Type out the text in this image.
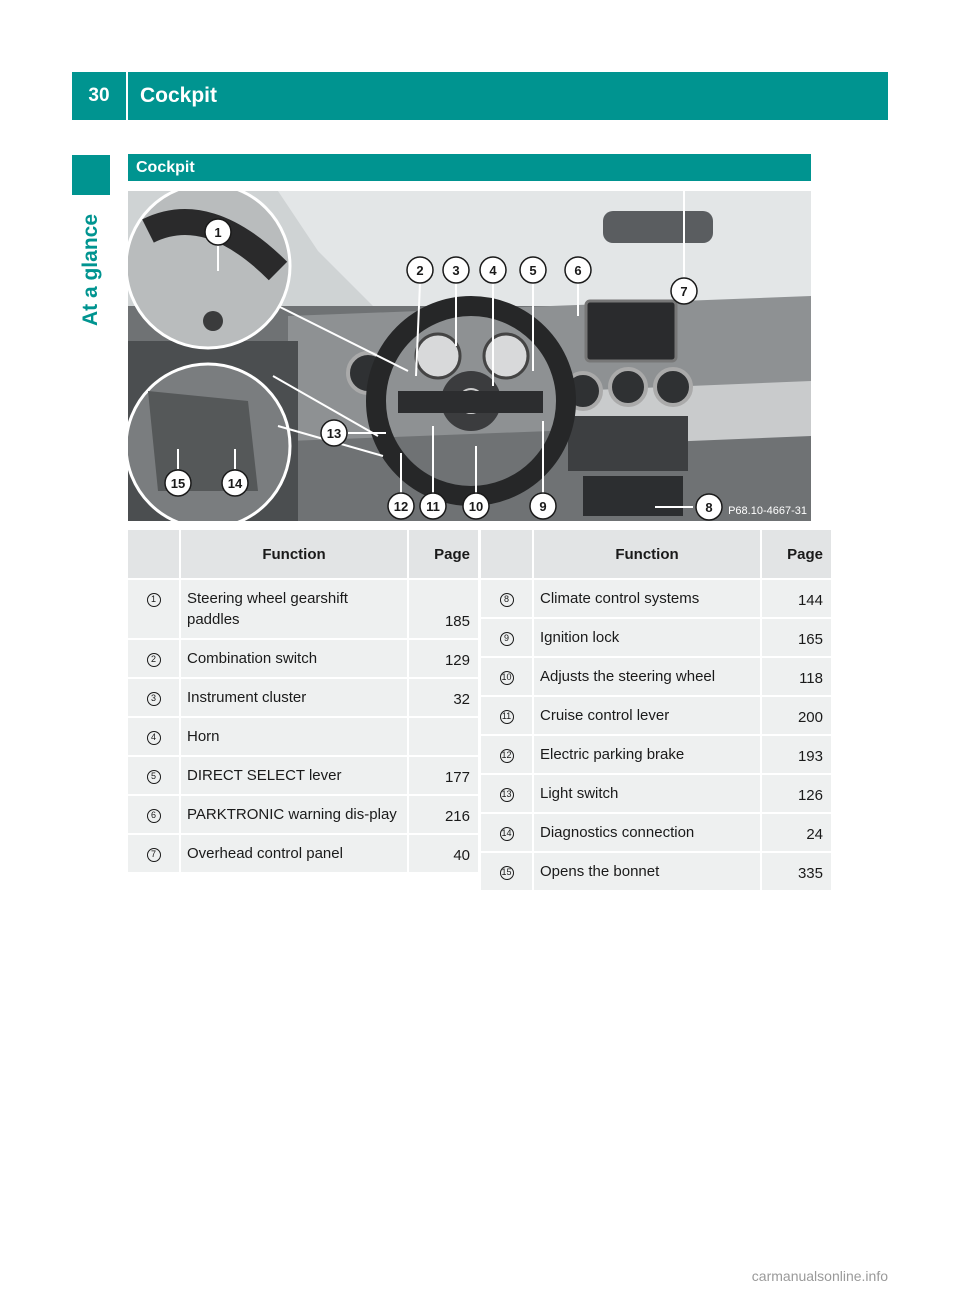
30	Cockpit
At a glance
Cockpit
1
2 3 4	5	6
7
8
9
10
11
12
13
14
15
P68.10-4667-31
	Function	Page
1	Steering wheel gearshift paddles	185
2	Combination switch	129
3	Instrument cluster	32
4	Horn	
5	DIRECT SELECT lever	177
6	PARKTRONIC warning dis-play	216
7	Overhead control panel	40
	Function	Page
8	Climate control systems	144
9	Ignition lock	165
10	Adjusts the steering wheel	118
11	Cruise control lever	200
12	Electric parking brake	193
13	Light switch	126
14	Diagnostics connection	24
15	Opens the bonnet	335
carmanualsonline.info
